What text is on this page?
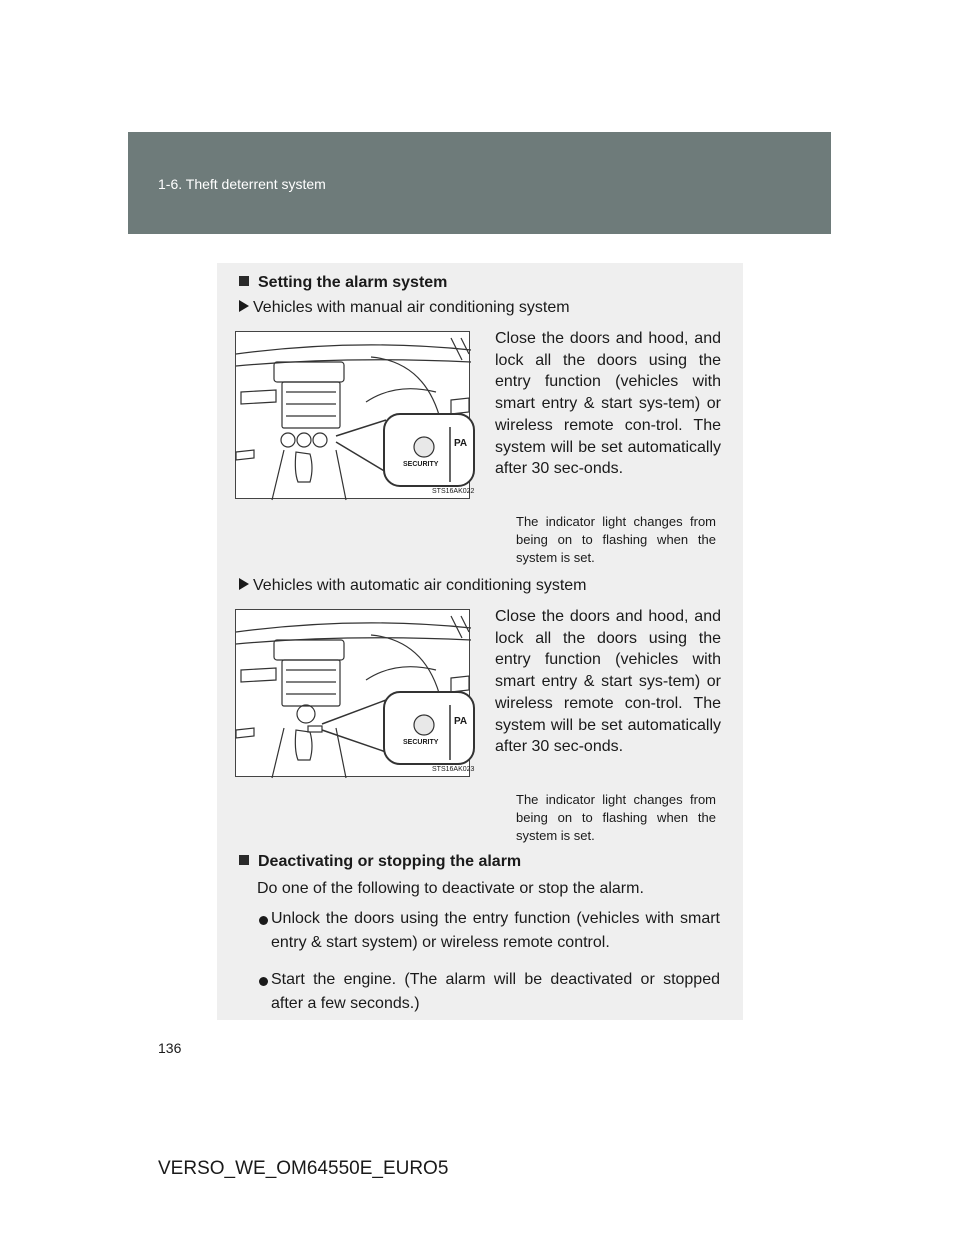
1-6. Theft deterrent system
Setting the alarm system
Vehicles with manual air conditioning system
SECURITY
PA
STS16AK022
Close the doors and hood, and lock all the doors using the entry function (vehicles with smart entry & start sys-tem) or wireless remote con-trol. The system will be set automatically after 30 sec-onds.
The indicator light changes from being on to flashing when the system is set.
Vehicles with automatic air conditioning system
SECURITY
PA
STS16AK023
Close the doors and hood, and lock all the doors using the entry function (vehicles with smart entry & start sys-tem) or wireless remote con-trol. The system will be set automatically after 30 sec-onds.
The indicator light changes from being on to flashing when the system is set.
Deactivating or stopping the alarm
Do one of the following to deactivate or stop the alarm.
Unlock the doors using the entry function (vehicles with smart entry & start system) or wireless remote control.
Start the engine. (The alarm will be deactivated or stopped after a few seconds.)
136
VERSO_WE_OM64550E_EURO5
